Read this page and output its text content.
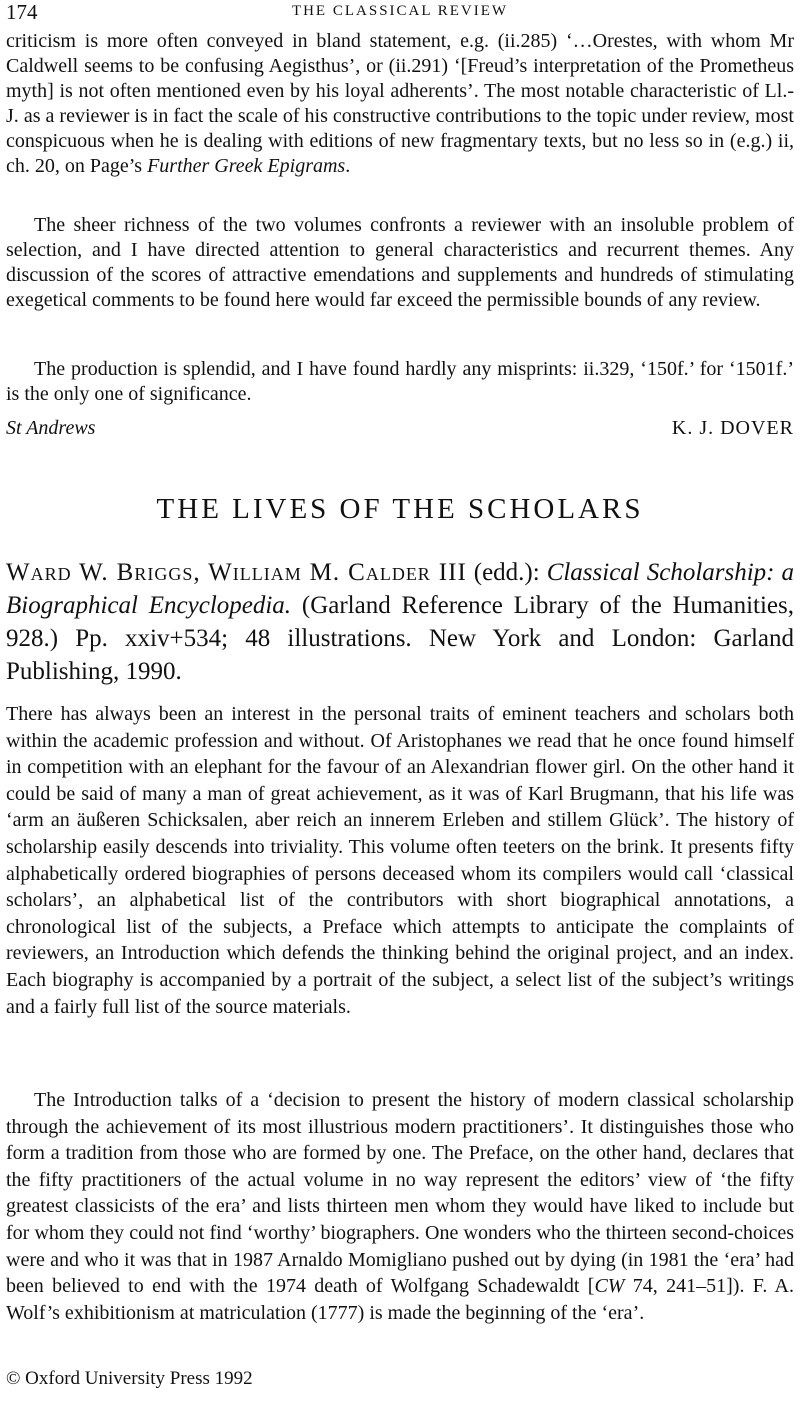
174	THE CLASSICAL REVIEW

criticism is more often conveyed in bland statement, e.g. (ii.285) ‘…Orestes, with whom Mr Caldwell seems to be confusing Aegisthus’, or (ii.291) ‘[Freud’s interpretation of the Prometheus myth] is not often mentioned even by his loyal adherents’. The most notable characteristic of Ll.-J. as a reviewer is in fact the scale of his constructive contributions to the topic under review, most conspicuous when he is dealing with editions of new fragmentary texts, but no less so in (e.g.) ii, ch. 20, on Page’s Further Greek Epigrams.

The sheer richness of the two volumes confronts a reviewer with an insoluble problem of selection, and I have directed attention to general characteristics and recurrent themes. Any discussion of the scores of attractive emendations and supplements and hundreds of stimulating exegetical comments to be found here would far exceed the permissible bounds of any review.

The production is splendid, and I have found hardly any misprints: ii.329, ‘150f.’ for ‘1501f.’ is the only one of significance.

St Andrews	K. J. DOVER
THE LIVES OF THE SCHOLARS

Ward W. Briggs, William M. Calder III (edd.): Classical Scholarship: a Biographical Encyclopedia. (Garland Reference Library of the Humanities, 928.) Pp. xxiv+534; 48 illustrations. New York and London: Garland Publishing, 1990.

There has always been an interest in the personal traits of eminent teachers and scholars both within the academic profession and without. Of Aristophanes we read that he once found himself in competition with an elephant for the favour of an Alexandrian flower girl. On the other hand it could be said of many a man of great achievement, as it was of Karl Brugmann, that his life was ‘arm an äußeren Schicksalen, aber reich an innerem Erleben and stillem Glück’. The history of scholarship easily descends into triviality. This volume often teeters on the brink. It presents fifty alphabetically ordered biographies of persons deceased whom its compilers would call ‘classical scholars’, an alphabetical list of the contributors with short biographical annotations, a chronological list of the subjects, a Preface which attempts to anticipate the complaints of reviewers, an Introduction which defends the thinking behind the original project, and an index. Each biography is accompanied by a portrait of the subject, a select list of the subject’s writings and a fairly full list of the source materials.

The Introduction talks of a ‘decision to present the history of modern classical scholarship through the achievement of its most illustrious modern practitioners’. It distinguishes those who form a tradition from those who are formed by one. The Preface, on the other hand, declares that the fifty practitioners of the actual volume in no way represent the editors’ view of ‘the fifty greatest classicists of the era’ and lists thirteen men whom they would have liked to include but for whom they could not find ‘worthy’ biographers. One wonders who the thirteen second-choices were and who it was that in 1987 Arnaldo Momigliano pushed out by dying (in 1981 the ‘era’ had been believed to end with the 1974 death of Wolfgang Schadewaldt [CW 74, 241–51]). F. A. Wolf’s exhibitionism at matriculation (1777) is made the beginning of the ‘era’.

© Oxford University Press 1992
